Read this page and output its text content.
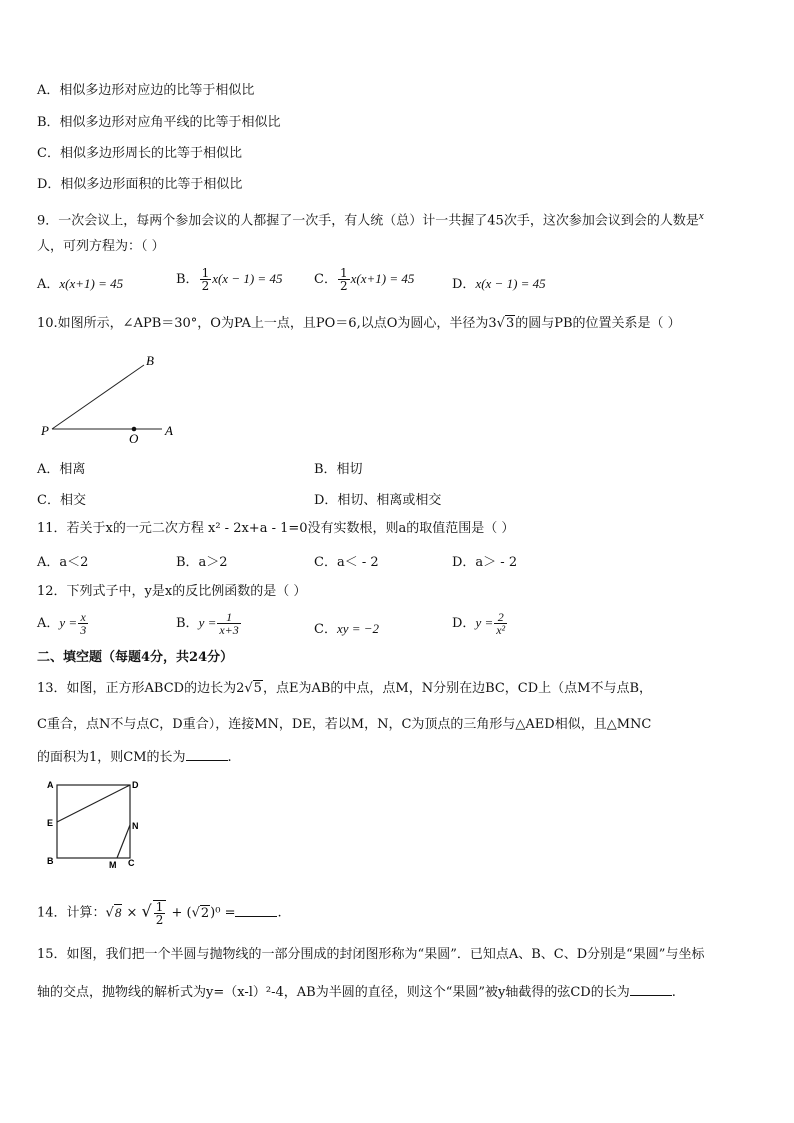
A．相似多边形对应边的比等于相似比
B．相似多边形对应角平线的比等于相似比
C．相似多边形周长的比等于相似比
D．相似多边形面积的比等于相似比
9．一次会议上，每两个参加会议的人都握了一次手，有人统（总）计一共握了45次手，这次参加会议到会的人数是$^x$
人，可列方程为：（ ）
A．x(x+1) = 45	B． $\frac{1}{2} x(x - 1) = 45$ C． $\frac{1}{2} x(x+1) = 45$	D．x(x − 1) = 45
10.如图所示，∠APB＝30°，O为PA上一点，且PO＝6,以点O为圆心，半径为3√3的圆与PB的位置关系是（ ）
B
P
O
A
A．相离	B．相切
C．相交	D．相切、相离或相交
11．若关于x的一元二次方程 x² - 2x+a - 1=0没有实数根，则a的取值范围是（ ）
A．a＜2	B．a＞2	C．a＜ - 2	D．a＞ - 2
12．下列式子中，y是x的反比例函数的是（ ）
A．$y = \frac{x}{3}$	B．$y = \frac{1}{x+3}$	C．xy = −2	D．$y = \frac{2}{\text{x²}}$
二、填空题（每题4分，共24分）
13．如图，正方形ABCD的边长为2√5，点E为AB的中点，点M，N分别在边BC，CD上（点M不与点B，
C重合，点N不与点C，D重合），连接MN，DE，若以M，N，C为顶点的三角形与△AED相似，且△MNC
的面积为1，则CM的长为	.
A	D
E	N
B	M C
14．计算：√8 × √ $\frac{1}{2} + (√2)^0$ =	.
15．如图，我们把一个半圆与抛物线的一部分围成的封闭图形称为“果圆”．已知点A、B、C、D分别是“果圆”与坐标
轴的交点，抛物线的解析式为y=（x-l）²-4，AB为半圆的直径，则这个“果圆”被y轴截得的弦CD的长为	.
